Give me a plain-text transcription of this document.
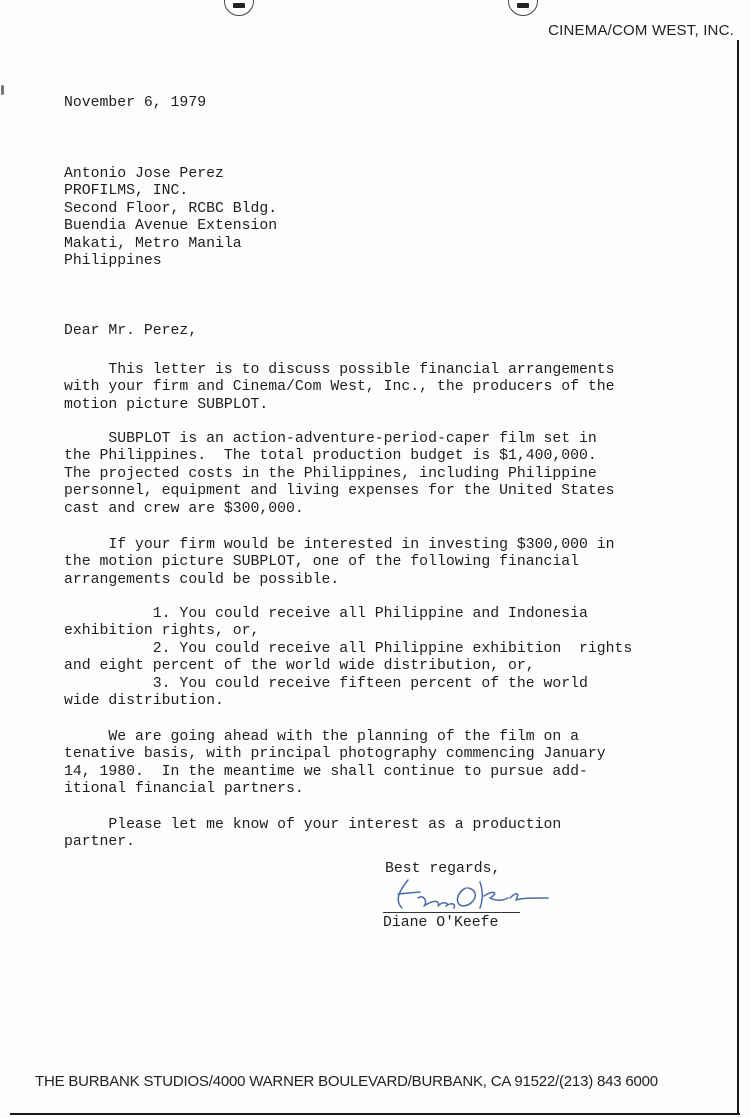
CINEMA/COM WEST, INC.
November 6, 1979
Antonio Jose Perez
PROFILMS, INC.
Second Floor, RCBC Bldg.
Buendia Avenue Extension
Makati, Metro Manila
Philippines
Dear Mr. Perez,
This letter is to discuss possible financial arrangements
with your firm and Cinema/Com West, Inc., the producers of the
motion picture SUBPLOT.
SUBPLOT is an action-adventure-period-caper film set in
the Philippines.  The total production budget is $1,400,000.
The projected costs in the Philippines, including Philippine
personnel, equipment and living expenses for the United States
cast and crew are $300,000.
If your firm would be interested in investing $300,000 in
the motion picture SUBPLOT, one of the following financial
arrangements could be possible.
1. You could receive all Philippine and Indonesia
exhibition rights, or,
2. You could receive all Philippine exhibition  rights
and eight percent of the world wide distribution, or,
3. You could receive fifteen percent of the world
wide distribution.
We are going ahead with the planning of the film on a
tenative basis, with principal photography commencing January
14, 1980.  In the meantime we shall continue to pursue add-
itional financial partners.
Please let me know of your interest as a production
partner.
Best regards,
Diane O'Keefe
THE BURBANK STUDIOS/4000 WARNER BOULEVARD/BURBANK, CA 91522/(213) 843 6000
